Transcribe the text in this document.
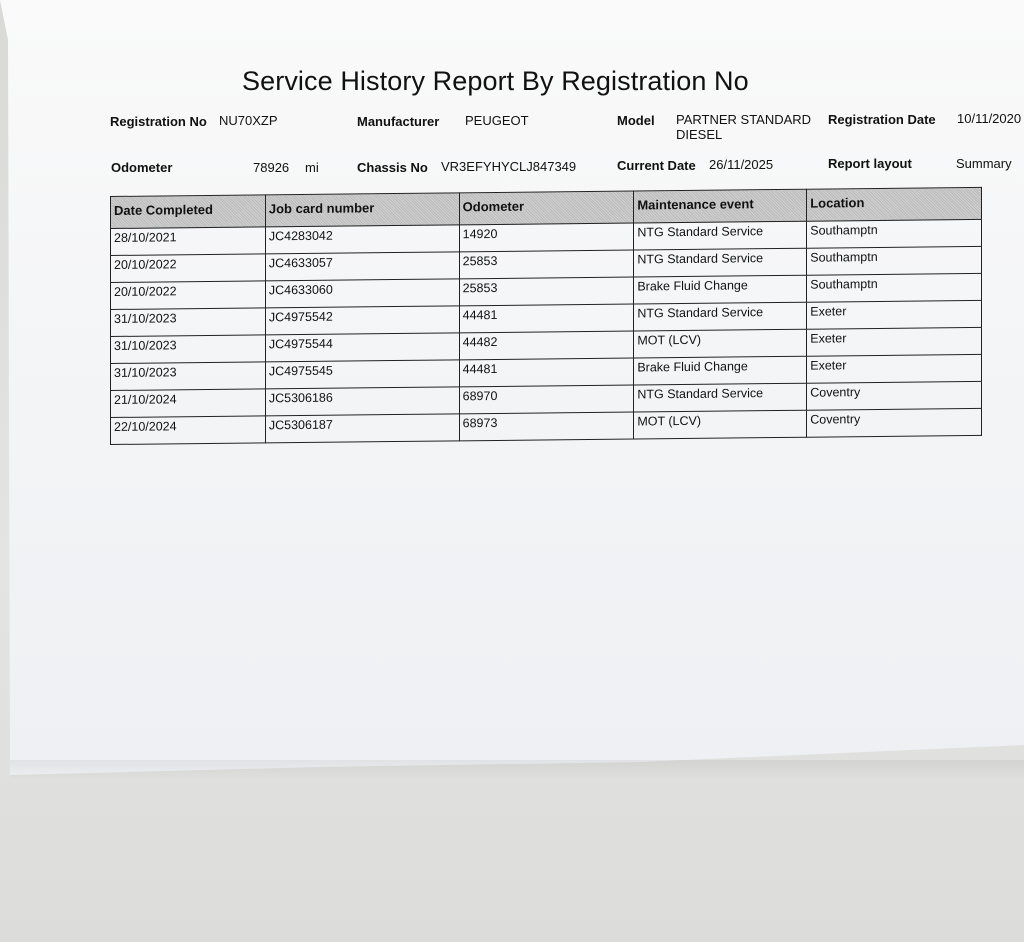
Service History Report By Registration No
Registration No NU70XZP	Manufacturer PEUGEOT	Model PARTNER STANDARD
DIESEL
Registration Date 10/11/2020
Odometer	78926 mi	Chassis No VR3EFYHYCLJ847349	Current Date 26/11/2025	Report layout	Summary
Date Completed	Job card number	Odometer	Maintenance event	Location
28/10/2021	JC4283042	14920	NTG Standard Service	Southamptn
20/10/2022	JC4633057	25853	NTG Standard Service	Southamptn
20/10/2022	JC4633060	25853	Brake Fluid Change	Southamptn
31/10/2023	JC4975542	44481	NTG Standard Service	Exeter
31/10/2023	JC4975544	44482	MOT (LCV)	Exeter
31/10/2023	JC4975545	44481	Brake Fluid Change	Exeter
21/10/2024	JC5306186	68970	NTG Standard Service	Coventry
22/10/2024	JC5306187	68973	MOT (LCV)	Coventry
